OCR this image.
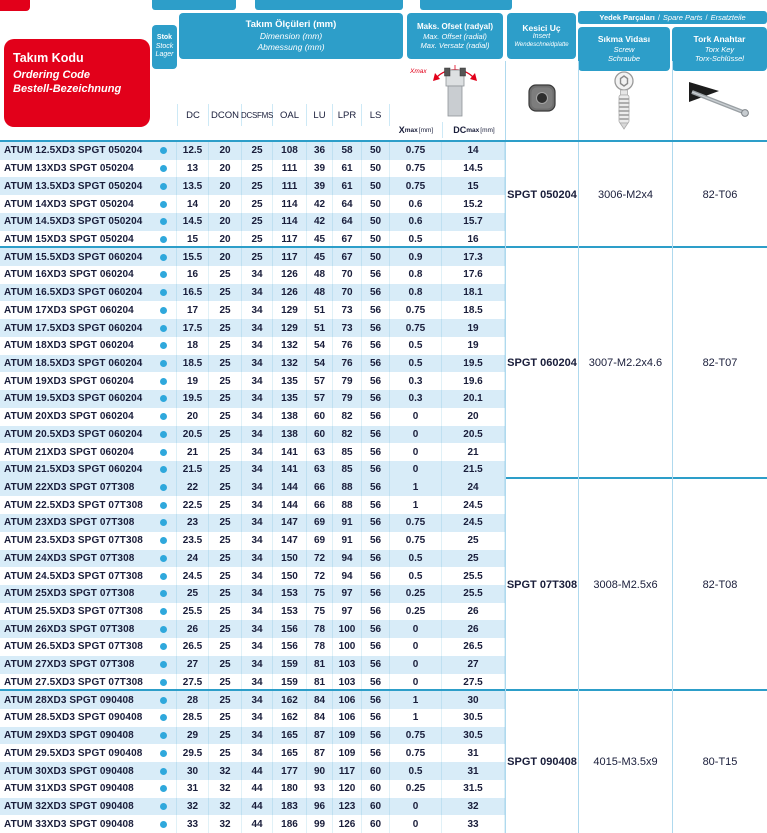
Takım Kodu
Ordering Code
Bestell-Bezeichnung
Stok
Stock
Lager
Takım Ölçüleri (mm)
Dimension (mm)
Abmessung (mm)
Maks. Ofset (radyal)
Max. Offset (radial)
Max. Versatz (radial)
Kesici Uç
Insert
Wendeschneidplatte
Yedek Parçaları / Spare Parts / Ersatzteile
Sıkma Vidası
Screw
Schraube
Tork Anahtar
Torx Key
Torx-Schlüssel
DC	DCON DCSFMS OAL	LU	LPR	LS
X max [mm] DC max [mm]
Xmax
ATUM 12.5XD3 SPGT 050204	12.5	20	25	108	36	58	50	0.75	14
ATUM 13XD3 SPGT 050204	13	20	25	111	39	61	50	0.75	14.5
ATUM 13.5XD3 SPGT 050204	13.5	20	25	111	39	61	50	0.75	15
ATUM 14XD3 SPGT 050204	14	20	25	114	42	64	50	0.6	15.2
ATUM 14.5XD3 SPGT 050204	14.5	20	25	114	42	64	50	0.6	15.7
ATUM 15XD3 SPGT 050204	15	20	25	117	45	67	50	0.5	16
SPGT 050204 3006-M2x4	82-T06
ATUM 15.5XD3 SPGT 060204	15.5	20	25	117	45	67	50	0.9	17.3
ATUM 16XD3 SPGT 060204	16	25	34	126	48	70	56	0.8	17.6
ATUM 16.5XD3 SPGT 060204	16.5	25	34	126	48	70	56	0.8	18.1
ATUM 17XD3 SPGT 060204	17	25	34	129	51	73	56	0.75	18.5
ATUM 17.5XD3 SPGT 060204	17.5	25	34	129	51	73	56	0.75	19
ATUM 18XD3 SPGT 060204	18	25	34	132	54	76	56	0.5	19
ATUM 18.5XD3 SPGT 060204	18.5	25	34	132	54	76	56	0.5	19.5
ATUM 19XD3 SPGT 060204	19	25	34	135	57	79	56	0.3	19.6
ATUM 19.5XD3 SPGT 060204	19.5	25	34	135	57	79	56	0.3	20.1
ATUM 20XD3 SPGT 060204	20	25	34	138	60	82	56	0	20
ATUM 20.5XD3 SPGT 060204	20.5	25	34	138	60	82	56	0	20.5
ATUM 21XD3 SPGT 060204	21	25	34	141	63	85	56	0	21
ATUM 21.5XD3 SPGT 060204	21.5	25	34	141	63	85	56	0	21.5
SPGT 060204 3007-M2.2x4.6	82-T07
ATUM 22XD3 SPGT 07T308	22	25	34	144	66	88	56	1	24
ATUM 22.5XD3 SPGT 07T308	22.5	25	34	144	66	88	56	1	24.5
ATUM 23XD3 SPGT 07T308	23	25	34	147	69	91	56	0.75	24.5
ATUM 23.5XD3 SPGT 07T308	23.5	25	34	147	69	91	56	0.75	25
ATUM 24XD3 SPGT 07T308	24	25	34	150	72	94	56	0.5	25
ATUM 24.5XD3 SPGT 07T308	24.5	25	34	150	72	94	56	0.5	25.5
ATUM 25XD3 SPGT 07T308	25	25	34	153	75	97	56	0.25	25.5
ATUM 25.5XD3 SPGT 07T308	25.5	25	34	153	75	97	56	0.25	26
ATUM 26XD3 SPGT 07T308	26	25	34	156	78	100	56	0	26
ATUM 26.5XD3 SPGT 07T308	26.5	25	34	156	78	100	56	0	26.5
ATUM 27XD3 SPGT 07T308	27	25	34	159	81	103	56	0	27
ATUM 27.5XD3 SPGT 07T308	27.5	25	34	159	81	103	56	0	27.5
SPGT 07T308 3008-M2.5x6	82-T08
ATUM 28XD3 SPGT 090408	28	25	34	162	84	106	56	1	30
ATUM 28.5XD3 SPGT 090408	28.5	25	34	162	84	106	56	1	30.5
ATUM 29XD3 SPGT 090408	29	25	34	165	87	109	56	0.75	30.5
ATUM 29.5XD3 SPGT 090408	29.5	25	34	165	87	109	56	0.75	31
ATUM 30XD3 SPGT 090408	30	32	44	177	90	117	60	0.5	31
ATUM 31XD3 SPGT 090408	31	32	44	180	93	120	60	0.25	31.5
ATUM 32XD3 SPGT 090408	32	32	44	183	96	123	60	0	32
ATUM 33XD3 SPGT 090408	33	32	44	186	99	126	60	0	33
SPGT 090408 4015-M3.5x9	80-T15
